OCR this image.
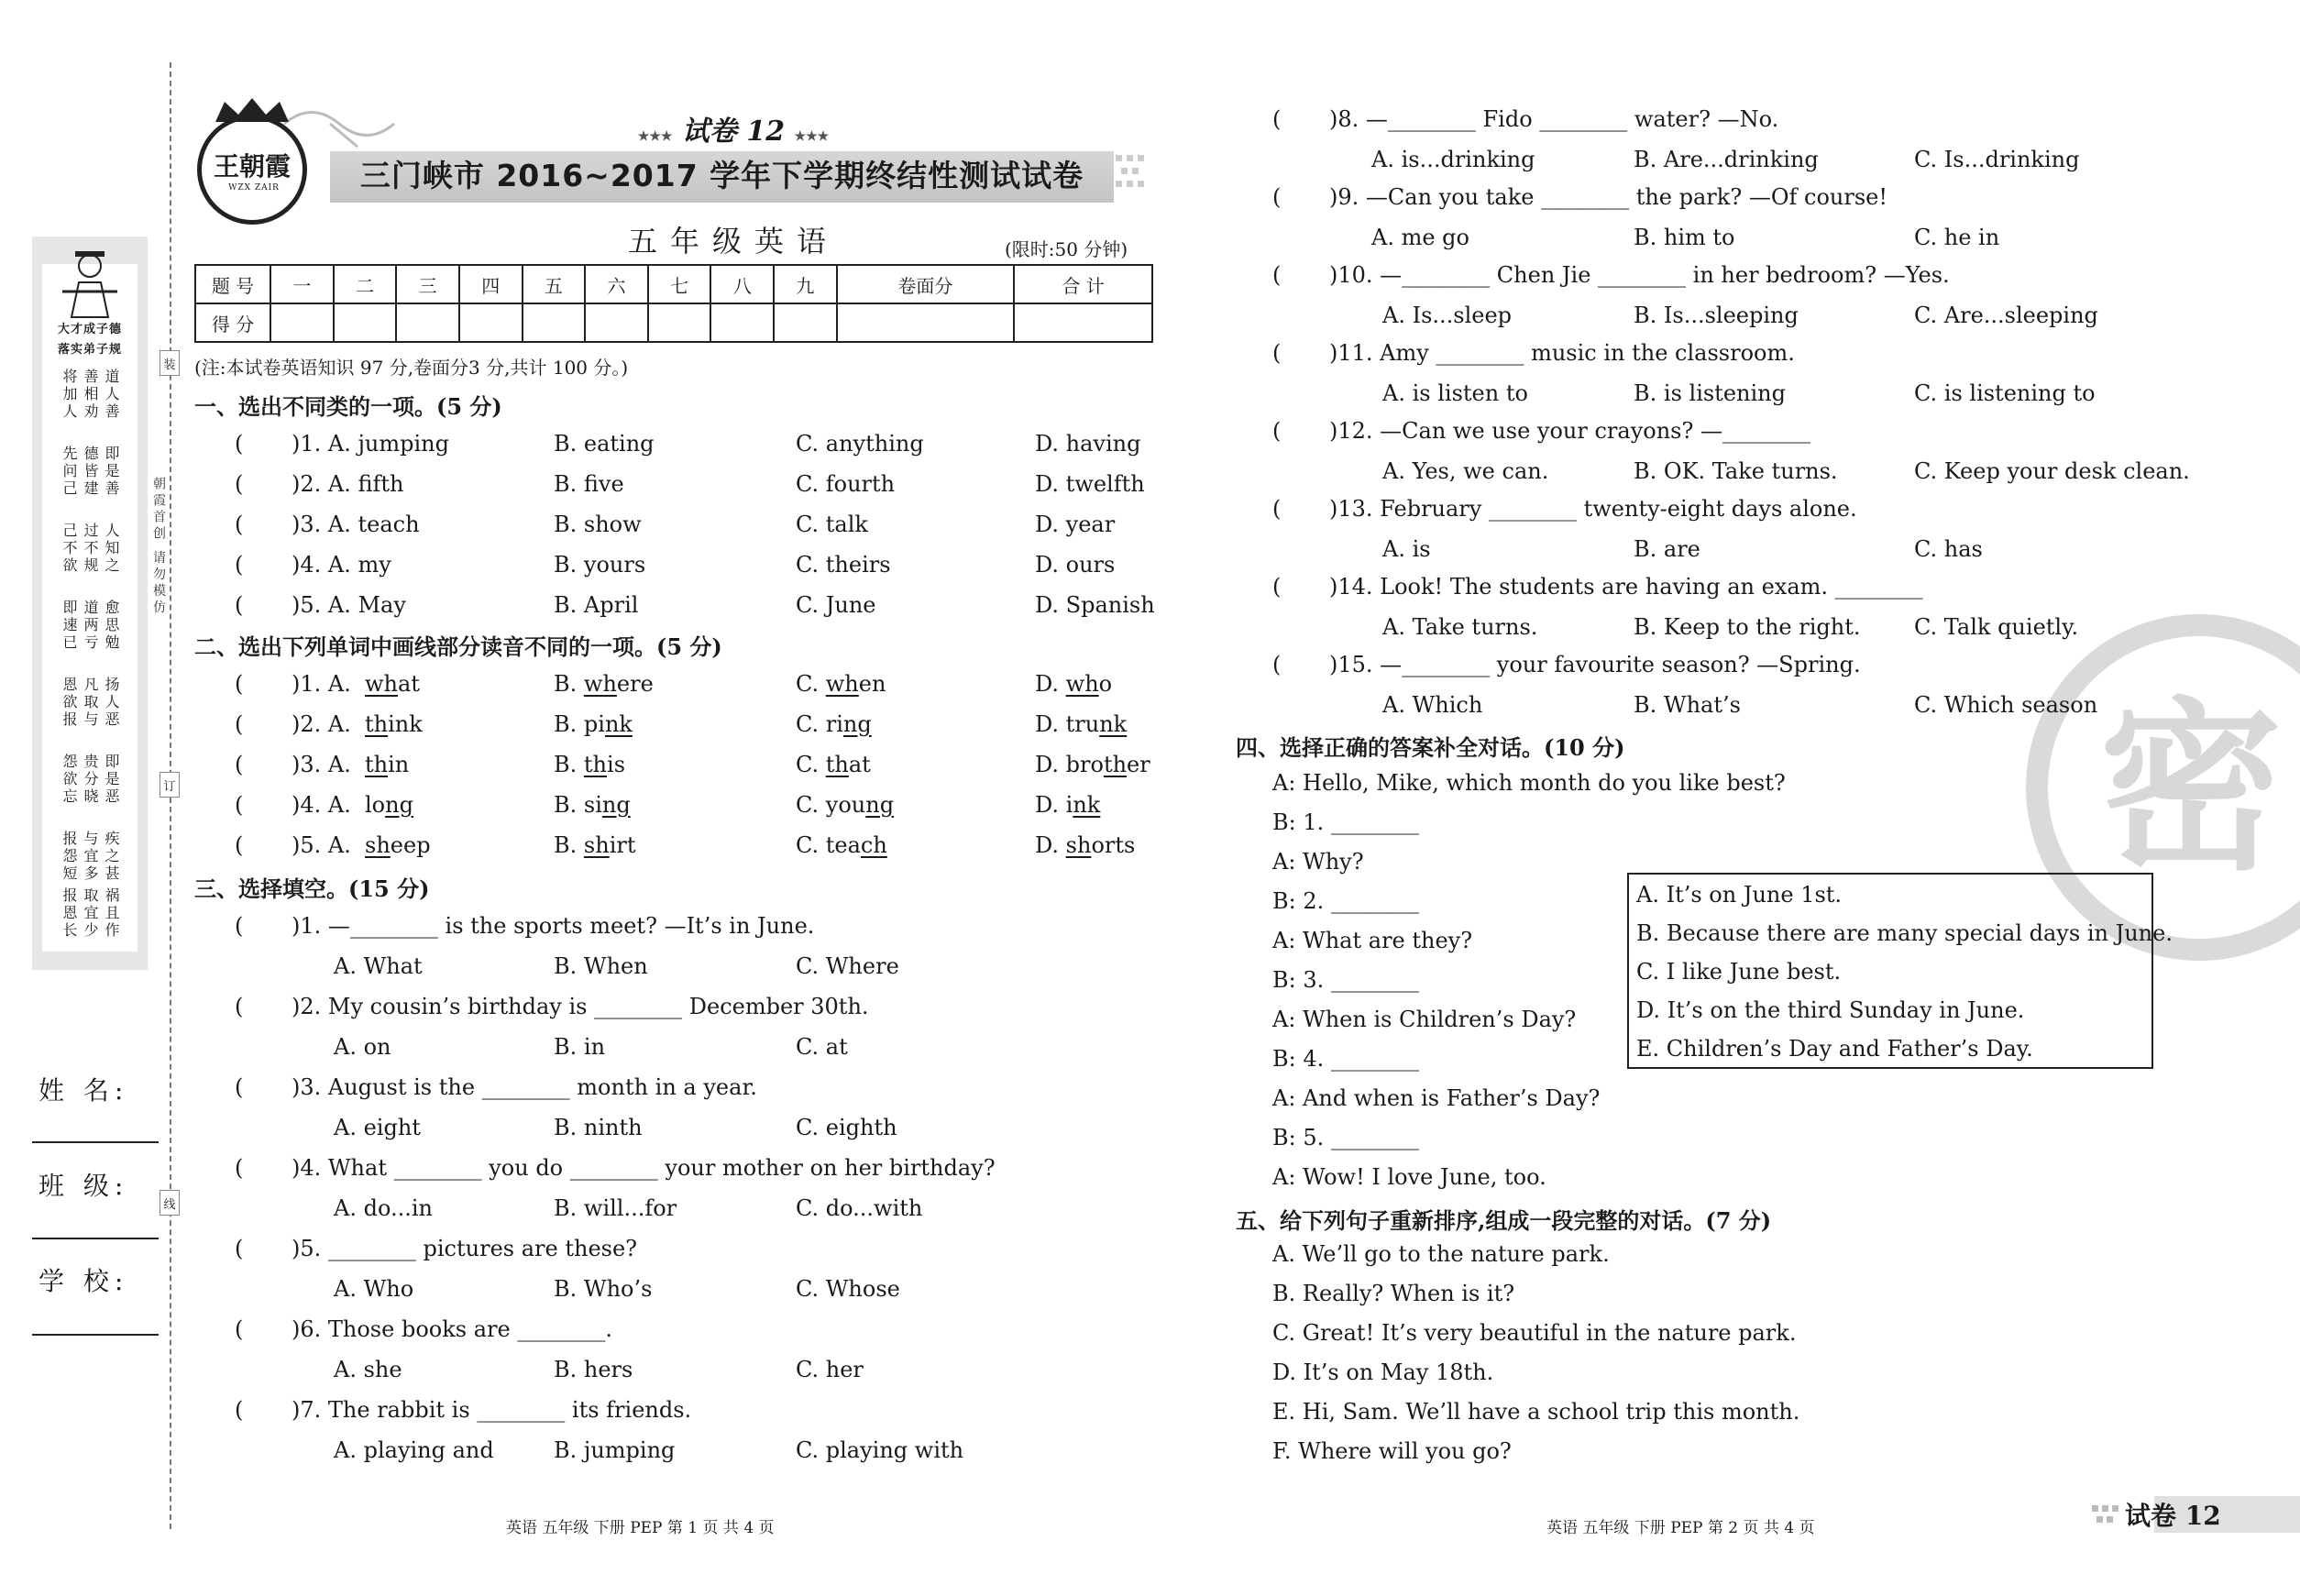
大才成子德
落实弟子规
道人善
善相劝
将加人
即是善
德皆建
先问己
人知之
过不规
己不欲
愈思勉
道两亏
即速已
扬人恶
凡取与
恩欲报
即是恶
贵分晓
怨欲忘
疾之甚
与宜多
报怨短
祸且作
取宜少
报恩长
装
订
线
朝霞首创 请勿模仿
姓 名:
班 级:
学 校:
三门峡市 2016~2017 学年下学期终结性测试试卷
★★★ 试卷 12 ★★★
王朝霞
WZX ZAIR
五年级英语	(限时:50 分钟)
题 号	一	二	三	四	五	六	七	八	九	卷面分	合 计
得 分											
(注:本试卷英语知识 97 分,卷面分3 分,共计 100 分。)
一、选出不同类的一项。(5 分)
( )1. A. jumping	B. eating	C. anything	D. having
( )2. A. fifth	B. five	C. fourth	D. twelfth
( )3. A. teach	B. show	C. talk	D. year
( )4. A. my	B. yours	C. theirs	D. ours
( )5. A. May	B. April	C. June	D. Spanish
二、选出下列单词中画线部分读音不同的一项。(5 分)
( )1. A. what	B. where	C. when	D. who
( )2. A. think	B. pink	C. ring	D. trunk
( )3. A. thin	B. this	C. that	D. brother
( )4. A. long	B. sing	C. young	D. ink
( )5. A. sheep	B. shirt	C. teach	D. shorts
三、选择填空。(15 分)
( )1. —________ is the sports meet? —It’s in June.
A. What	B. When	C. Where
( )2. My cousin’s birthday is ________ December 30th.
A. on	B. in	C. at
( )3. August is the ________ month in a year.
A. eight	B. ninth	C. eighth
( )4. What ________ you do ________ your mother on her birthday?
A. do...in	B. will...for	C. do...with
( )5. ________ pictures are these?
A. Who	B. Who’s	C. Whose
( )6. Those books are ________.
A. she	B. hers	C. her
( )7. The rabbit is ________ its friends.
A. playing and	B. jumping	C. playing with
英语 五年级 下册 PEP 第 1 页 共 4 页
密
( )8. —________ Fido ________ water? —No.
A. is...drinking	B. Are...drinking	C. Is...drinking
( )9. —Can you take ________ the park? —Of course!
A. me go	B. him to	C. he in
( )10. —________ Chen Jie ________ in her bedroom? —Yes.
A. Is...sleep	B. Is...sleeping	C. Are...sleeping
( )11. Amy ________ music in the classroom.
A. is listen to	B. is listening	C. is listening to
( )12. —Can we use your crayons? —________
A. Yes, we can.	B. OK. Take turns.	C. Keep your desk clean.
( )13. February ________ twenty-eight days alone.
A. is	B. are	C. has
( )14. Look! The students are having an exam. ________
A. Take turns.	B. Keep to the right. C. Talk quietly.
( )15. —________ your favourite season? —Spring.
A. Which	B. What’s	C. Which season
四、选择正确的答案补全对话。(10 分)
A: Hello, Mike, which month do you like best?
B: 1. ________
A: Why?
B: 2. ________
A: What are they?
B: 3. ________
A: When is Children’s Day?
B: 4. ________
A: And when is Father’s Day?
B: 5. ________
A: Wow! I love June, too.
A. It’s on June 1st.
B. Because there are many special days in June.
C. I like June best.
D. It’s on the third Sunday in June.
E. Children’s Day and Father’s Day.
五、给下列句子重新排序,组成一段完整的对话。(7 分)
A. We’ll go to the nature park.
B. Really? When is it?
C. Great! It’s very beautiful in the nature park.
D. It’s on May 18th.
E. Hi, Sam. We’ll have a school trip this month.
F. Where will you go?
英语 五年级 下册 PEP 第 2 页 共 4 页	试卷 12
